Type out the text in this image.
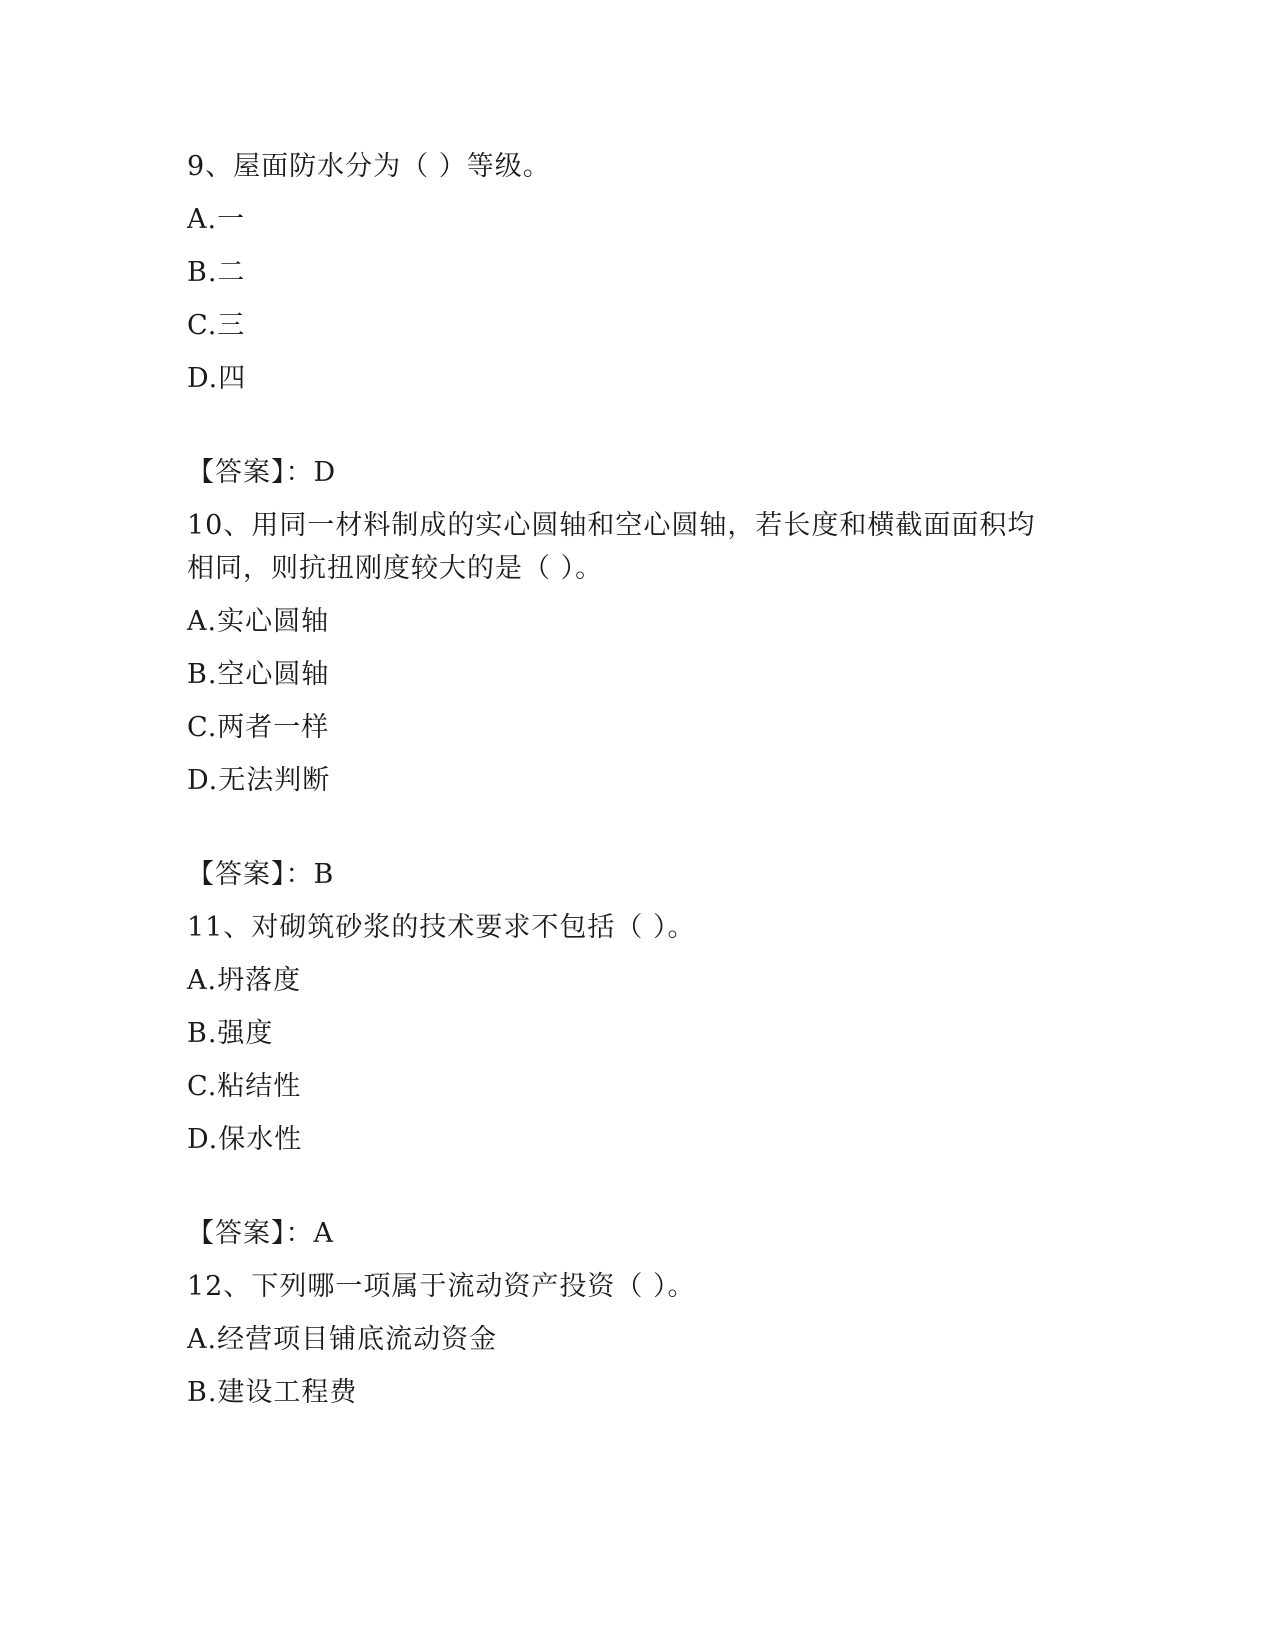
9、屋面防水分为（ ）等级。
A.一
B.二
C.三
D.四
【答案】：D
10、用同一材料制成的实心圆轴和空心圆轴，若长度和横截面面积均
相同，则抗扭刚度较大的是（ ）。
A.实心圆轴
B.空心圆轴
C.两者一样
D.无法判断
【答案】：B
11、对砌筑砂浆的技术要求不包括（ ）。
A.坍落度
B.强度
C.粘结性
D.保水性
【答案】：A
12、下列哪一项属于流动资产投资（ ）。
A.经营项目铺底流动资金
B.建设工程费
